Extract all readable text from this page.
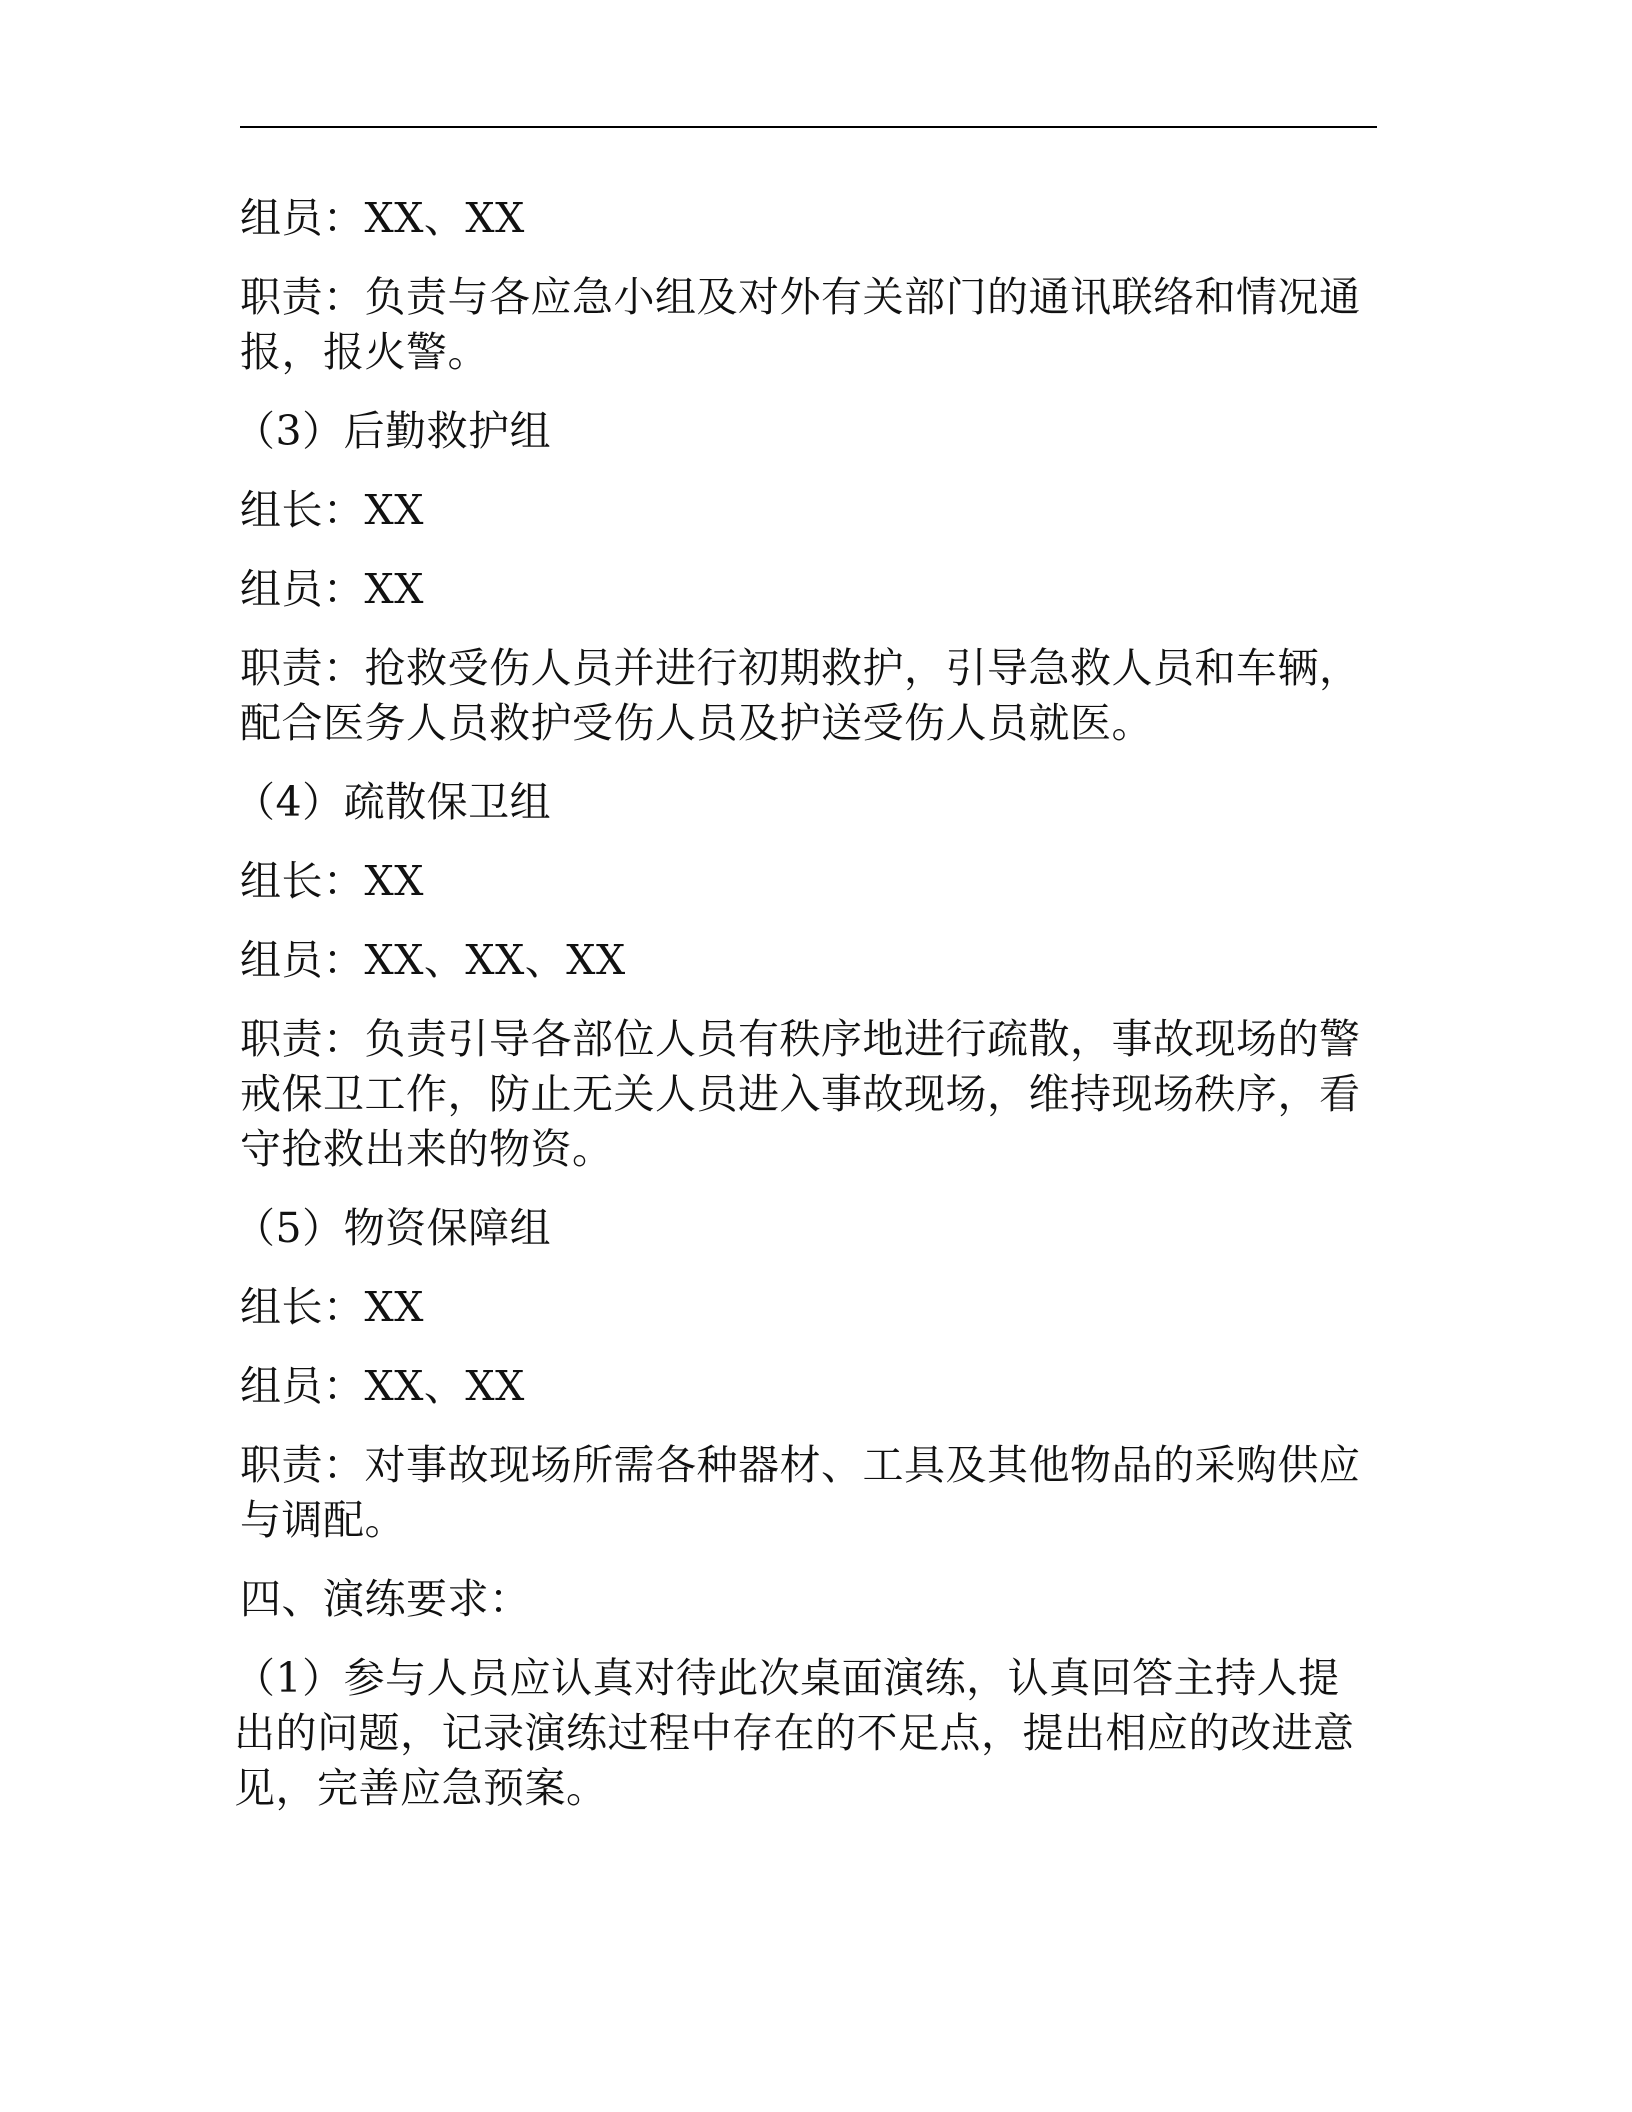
组员：XX、XX

职责：负责与各应急小组及对外有关部门的通讯联络和情况通报，报火警。

（3）后勤救护组

组长：XX

组员：XX

职责：抢救受伤人员并进行初期救护，引导急救人员和车辆，配合医务人员救护受伤人员及护送受伤人员就医。

（4）疏散保卫组

组长：XX

组员：XX、XX、XX

职责：负责引导各部位人员有秩序地进行疏散，事故现场的警戒保卫工作，防止无关人员进入事故现场，维持现场秩序，看守抢救出来的物资。

（5）物资保障组

组长：XX

组员：XX、XX

职责：对事故现场所需各种器材、工具及其他物品的采购供应与调配。

四、演练要求：

（1）参与人员应认真对待此次桌面演练，认真回答主持人提出的问题，记录演练过程中存在的不足点，提出相应的改进意见，完善应急预案。
